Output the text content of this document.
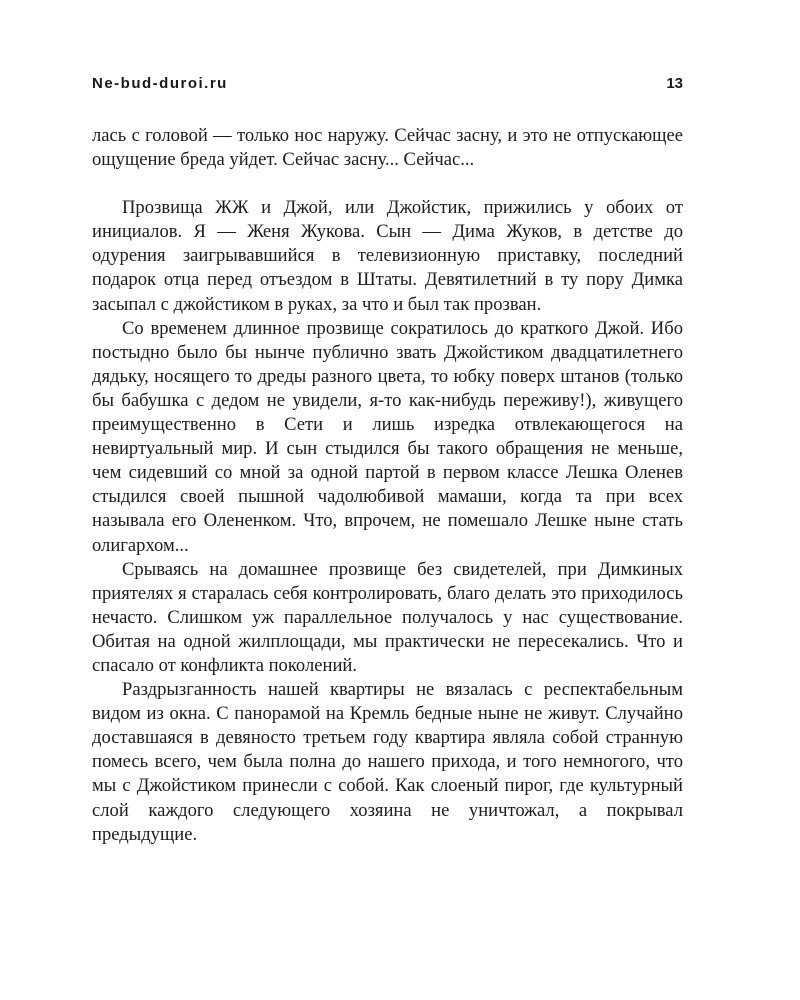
Ne-bud-duroi.ru	13

лась с головой — только нос наружу. Сейчас засну, и это не отпускающее ощущение бреда уйдет. Сейчас засну... Сейчас...

Прозвища ЖЖ и Джой, или Джойстик, прижились у обоих от инициалов. Я — Женя Жукова. Сын — Дима Жуков, в детстве до одурения заигрывавшийся в телевизионную приставку, последний подарок отца перед отъездом в Штаты. Девятилетний в ту пору Димка засыпал с джойстиком в руках, за что и был так прозван.

Со временем длинное прозвище сократилось до краткого Джой. Ибо постыдно было бы нынче публично звать Джойстиком двадцатилетнего дядьку, носящего то дреды разного цвета, то юбку поверх штанов (только бы бабушка с дедом не увидели, я-то как-нибудь переживу!), живущего преимущественно в Сети и лишь изредка отвлекающегося на невиртуальный мир. И сын стыдился бы такого обращения не меньше, чем сидевший со мной за одной партой в первом классе Лешка Оленев стыдился своей пышной чадолюбивой мамаши, когда та при всех называла его Олененком. Что, впрочем, не помешало Лешке ныне стать олигархом...

Срываясь на домашнее прозвище без свидетелей, при Димкиных приятелях я старалась себя контролировать, благо делать это приходилось нечасто. Слишком уж параллельное получалось у нас существование. Обитая на одной жилплощади, мы практически не пересекались. Что и спасало от конфликта поколений.

Раздрызганность нашей квартиры не вязалась с респектабельным видом из окна. С панорамой на Кремль бедные ныне не живут. Случайно доставшаяся в девяносто третьем году квартира являла собой странную помесь всего, чем была полна до нашего прихода, и того немногого, что мы с Джойстиком принесли с собой. Как слоеный пирог, где культурный слой каждого следующего хозяина не уничтожал, а покрывал предыдущие.
